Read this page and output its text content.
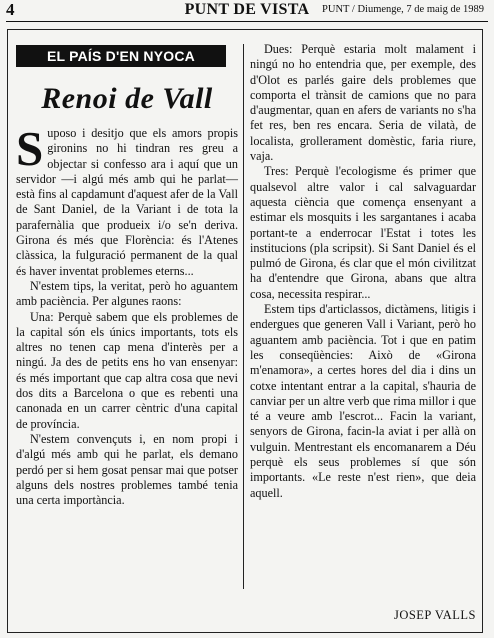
4	PUNT DE VISTA	PUNT / Diumenge, 7 de maig de 1989
EL PAÍS D'EN NYOCA
Renoi de Vall

Suposo i desitjo que els amors propis gironins no hi tindran res greu a objectar si confesso ara i aquí que un servidor —i algú més amb qui he parlat— està fins al capdamunt d'aquest afer de la Vall de Sant Daniel, de la Variant i de tota la parafernàlia que produeix i/o se'n deriva. Girona és més que Florència: és l'Atenes clàssica, la fulguració permanent de la qual és haver inventat problemes eterns...

N'estem tips, la veritat, però ho aguantem amb paciència. Per algunes raons:

Una: Perquè sabem que els problemes de la capital són els únics importants, tots els altres no tenen cap mena d'interès per a ningú. Ja des de petits ens ho van ensenyar: és més important que cap altra cosa que nevi dos dits a Barcelona o que es rebenti una canonada en un carrer cèntric d'una capital de província.

N'estem convençuts i, en nom propi i d'algú més amb qui he parlat, els demano perdó per si hem gosat pensar mai que potser alguns dels nostres problemes també tenia una certa importància.

Dues: Perquè estaria molt malament i ningú no ho entendria que, per exemple, des d'Olot es parlés gaire dels problemes que comporta el trànsit de camions que no para d'augmentar, quan en afers de variants no s'ha fet res, ben res encara. Seria de vilatà, de localista, grollerament domèstic, faria riure, vaja.

Tres: Perquè l'ecologisme és primer que qualsevol altre valor i cal salvaguardar aquesta ciència que comença ensenyant a estimar els mosquits i les sargantanes i acaba portant-te a enderrocar l'Estat i totes les institucions (pla scripsit). Si Sant Daniel és el pulmó de Girona, és clar que el món civilitzat ha d'entendre que Girona, abans que altra cosa, necessita respirar...

Estem tips d'articlassos, dictàmens, litigis i endergues que generen Vall i Variant, però ho aguantem amb paciència. Tot i que en patim les conseqüències: Això de «Girona m'enamora», a certes hores del dia i dins un cotxe intentant entrar a la capital, s'hauria de canviar per un altre verb que rima millor i que té a veure amb l'escrot... Facin la variant, senyors de Girona, facin-la aviat i per allà on vulguin. Mentrestant els encomanarem a Déu perquè els seus problemes sí que són importants. «Le reste n'est rien», que deia aquell.

JOSEP VALLS
